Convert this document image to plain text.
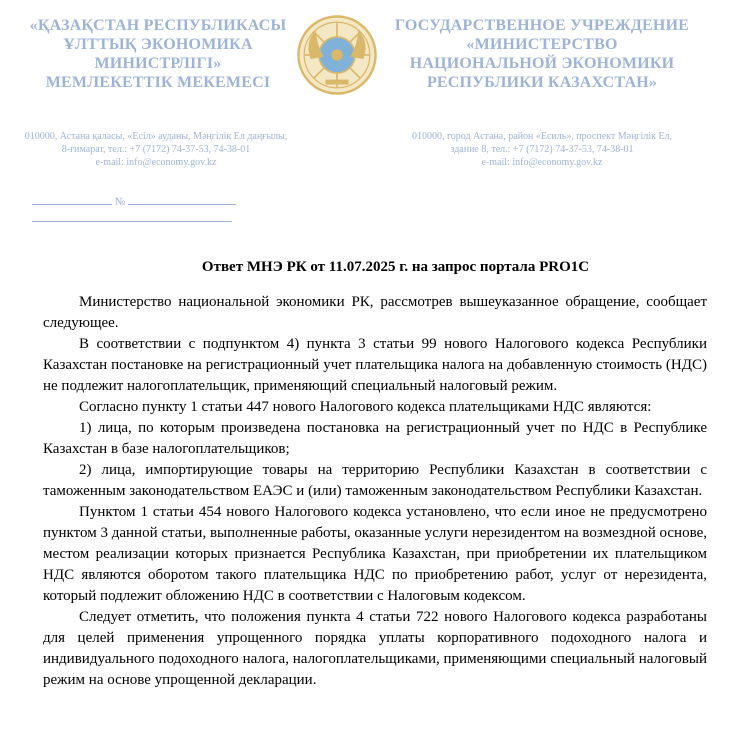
«ҚАЗАҚСТАН РЕСПУБЛИКАСЫ
ҰЛТТЫҚ ЭКОНОМИКА
МИНИСТРЛІГІ»
МЕМЛЕКЕТТІК МЕКЕМЕСІ
ГОСУДАРСТВЕННОЕ УЧРЕЖДЕНИЕ
«МИНИСТЕРСТВО
НАЦИОНАЛЬНОЙ ЭКОНОМИКИ
РЕСПУБЛИКИ КАЗАХСТАН»
010000, Астана қаласы, «Есіл» ауданы, Мәңгілік Ел даңғылы,
8-ғимарат, тел.: +7 (7172) 74-37-53, 74-38-01
e-mail: info@economy.gov.kz
010000, город Астана, район «Есиль», проспект Мәңгілік Ел,
здание 8, тел.: +7 (7172) 74-37-53, 74-38-01
e-mail: info@economy.gov.kz
№
Ответ МНЭ РК от 11.07.2025 г. на запрос портала PRO1C

Министерство национальной экономики РК, рассмотрев вышеуказанное обращение, сообщает следующее.

В соответствии с подпунктом 4) пункта 3 статьи 99 нового Налогового кодекса Республики Казахстан постановке на регистрационный учет плательщика налога на добавленную стоимость (НДС) не подлежит налогоплательщик, применяющий специальный налоговый режим.

Согласно пункту 1 статьи 447 нового Налогового кодекса плательщиками НДС являются:

1) лица, по которым произведена постановка на регистрационный учет по НДС в Республике Казахстан в базе налогоплательщиков;

2) лица, импортирующие товары на территорию Республики Казахстан в соответствии с таможенным законодательством ЕАЭС и (или) таможенным законодательством Республики Казахстан.

Пунктом 1 статьи 454 нового Налогового кодекса установлено, что если иное не предусмотрено пунктом 3 данной статьи, выполненные работы, оказанные услуги нерезидентом на возмездной основе, местом реализации которых признается Республика Казахстан, при приобретении их плательщиком НДС являются оборотом такого плательщика НДС по приобретению работ, услуг от нерезидента, который подлежит обложению НДС в соответствии с Налоговым кодексом.

Следует отметить, что положения пункта 4 статьи 722 нового Налогового кодекса разработаны для целей применения упрощенного порядка уплаты корпоративного подоходного налога и индивидуального подоходного налога, налогоплательщиками, применяющими специальный налоговый режим на основе упрощенной декларации.
